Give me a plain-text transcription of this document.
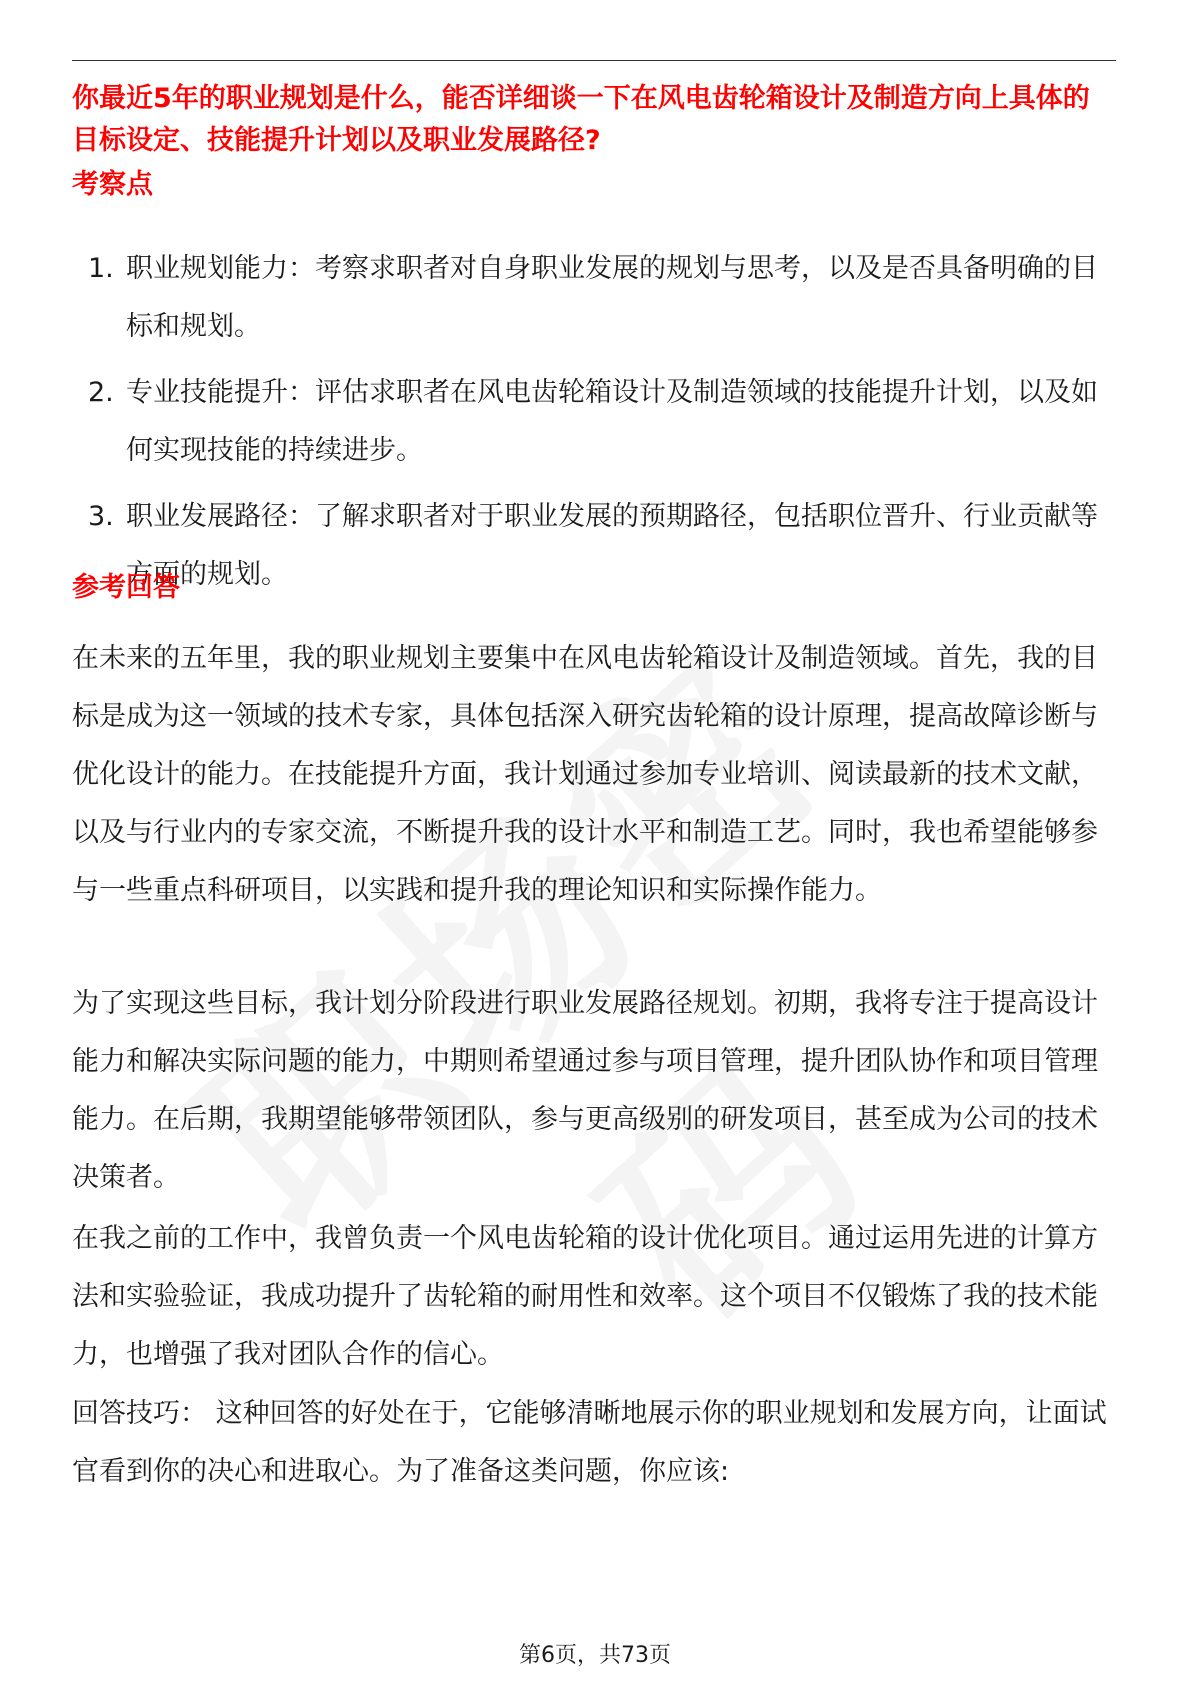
你最近5年的职业规划是什么，能否详细谈一下在风电齿轮箱设计及制造方向上具体的目标设定、技能提升计划以及职业发展路径?
考察点
1. 职业规划能力：考察求职者对自身职业发展的规划与思考，以及是否具备明确的目标和规划。
2. 专业技能提升：评估求职者在风电齿轮箱设计及制造领域的技能提升计划，以及如何实现技能的持续进步。
3. 职业发展路径：了解求职者对于职业发展的预期路径，包括职位晋升、行业贡献等方面的规划。
参考回答

在未来的五年里，我的职业规划主要集中在风电齿轮箱设计及制造领域。首先，我的目标是成为这一领域的技术专家，具体包括深入研究齿轮箱的设计原理，提高故障诊断与优化设计的能力。在技能提升方面，我计划通过参加专业培训、阅读最新的技术文献，以及与行业内的专家交流，不断提升我的设计水平和制造工艺。同时，我也希望能够参与一些重点科研项目，以实践和提升我的理论知识和实际操作能力。

为了实现这些目标，我计划分阶段进行职业发展路径规划。初期，我将专注于提高设计能力和解决实际问题的能力，中期则希望通过参与项目管理，提升团队协作和项目管理能力。在后期，我期望能够带领团队，参与更高级别的研发项目，甚至成为公司的技术决策者。

在我之前的工作中，我曾负责一个风电齿轮箱的设计优化项目。通过运用先进的计算方法和实验验证，我成功提升了齿轮箱的耐用性和效率。这个项目不仅锻炼了我的技术能力，也增强了我对团队合作的信心。

回答技巧： 这种回答的好处在于，它能够清晰地展示你的职业规划和发展方向，让面试官看到你的决心和进取心。为了准备这类问题，你应该:

第6页，共73页
